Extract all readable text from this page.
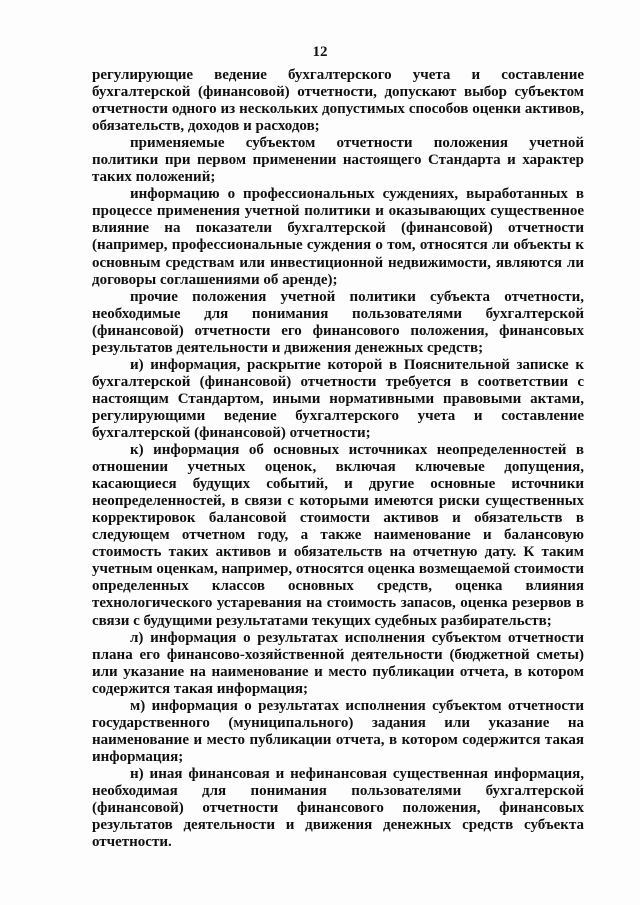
12

регулирующие ведение бухгалтерского учета и составление бухгалтерской (финансовой) отчетности, допускают выбор субъектом отчетности одного из нескольких допустимых способов оценки активов, обязательств, доходов и расходов;

применяемые субъектом отчетности положения учетной политики при первом применении настоящего Стандарта и характер таких положений;

информацию о профессиональных суждениях, выработанных в процессе применения учетной политики и оказывающих существенное влияние на показатели бухгалтерской (финансовой) отчетности (например, профессиональные суждения о том, относятся ли объекты к основным средствам или инвестиционной недвижимости, являются ли договоры соглашениями об аренде);

прочие положения учетной политики субъекта отчетности, необходимые для понимания пользователями бухгалтерской (финансовой) отчетности его финансового положения, финансовых результатов деятельности и движения денежных средств;

и) информация, раскрытие которой в Пояснительной записке к бухгалтерской (финансовой) отчетности требуется в соответствии с настоящим Стандартом, иными нормативными правовыми актами, регулирующими ведение бухгалтерского учета и составление бухгалтерской (финансовой) отчетности;

к) информация об основных источниках неопределенностей в отношении учетных оценок, включая ключевые допущения, касающиеся будущих событий, и другие основные источники неопределенностей, в связи с которыми имеются риски существенных корректировок балансовой стоимости активов и обязательств в следующем отчетном году, а также наименование и балансовую стоимость таких активов и обязательств на отчетную дату. К таким учетным оценкам, например, относятся оценка возмещаемой стоимости определенных классов основных средств, оценка влияния технологического устаревания на стоимость запасов, оценка резервов в связи с будущими результатами текущих судебных разбирательств;

л) информация о результатах исполнения субъектом отчетности плана его финансово-хозяйственной деятельности (бюджетной сметы) или указание на наименование и место публикации отчета, в котором содержится такая информация;

м) информация о результатах исполнения субъектом отчетности государственного (муниципального) задания или указание на наименование и место публикации отчета, в котором содержится такая информация;

н) иная финансовая и нефинансовая существенная информация, необходимая для понимания пользователями бухгалтерской (финансовой) отчетности финансового положения, финансовых результатов деятельности и движения денежных средств субъекта отчетности.
